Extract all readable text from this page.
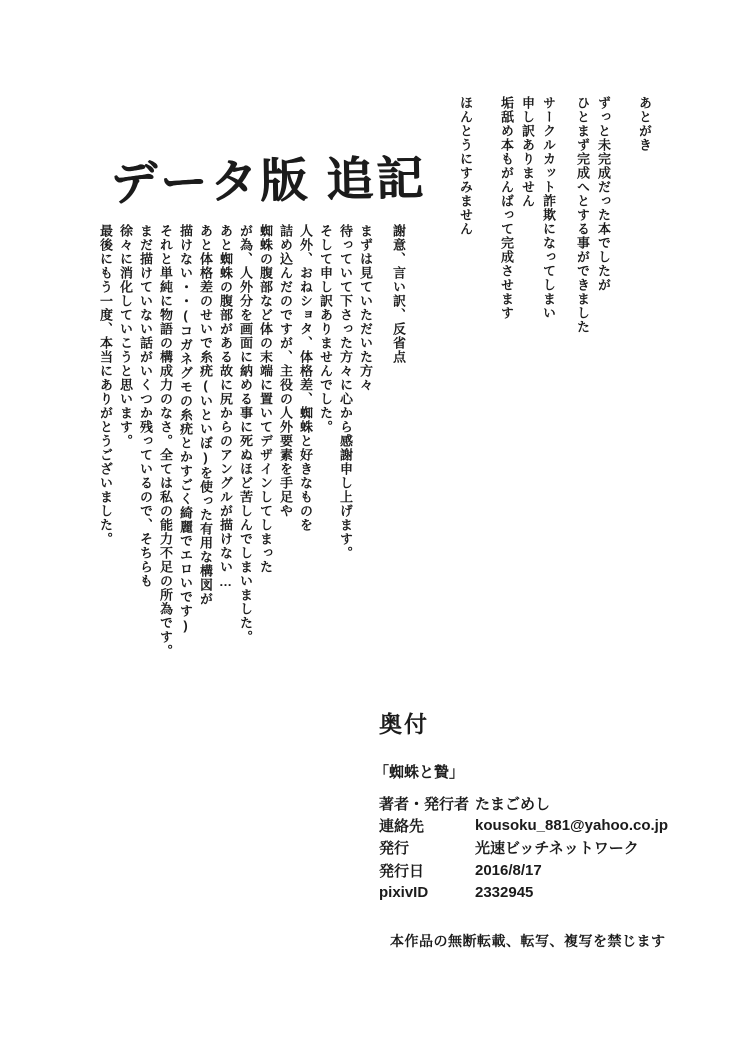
あとがき

ずっと未完成だった本でしたが

ひとまず完成へとする事ができました

サークルカット詐欺になってしまい

申し訳ありません

垢舐め本もがんばって完成させます

ほんとうにすみません

データ版 追記

謝意、言い訳、反省点

まずは見ていただいた方々

待っていて下さった方々に心から感謝申し上げます。

そして申し訳ありませんでした。

人外、おねショタ、体格差、蜘蛛と好きなものを

詰め込んだのですが、主役の人外要素を手足や

蜘蛛の腹部など体の末端に置いてデザインしてしまった

が為、人外分を画面に納める事に死ぬほど苦しんでしまいました。

あと蜘蛛の腹部がある故に尻からのアングルが描けない…

あと体格差のせいで糸疣(いといぼ)を使った有用な構図が

描けない・・(コガネグモの糸疣とかすごく綺麗でエロいです)

それと単純に物語の構成力のなさ。全ては私の能力不足の所為です。

まだ描けていない話がいくつか残っているので、そちらも

徐々に消化していこうと思います。

最後にもう一度、本当にありがとうございました。

奥付
「蜘蛛と贄」
著者・発行者 たまごめし
連絡先	kousoku_881@yahoo.co.jp
発行	光速ビッチネットワーク
発行日	2016/8/17
pixivID	2332945
本作品の無断転載、転写、複写を禁じます
